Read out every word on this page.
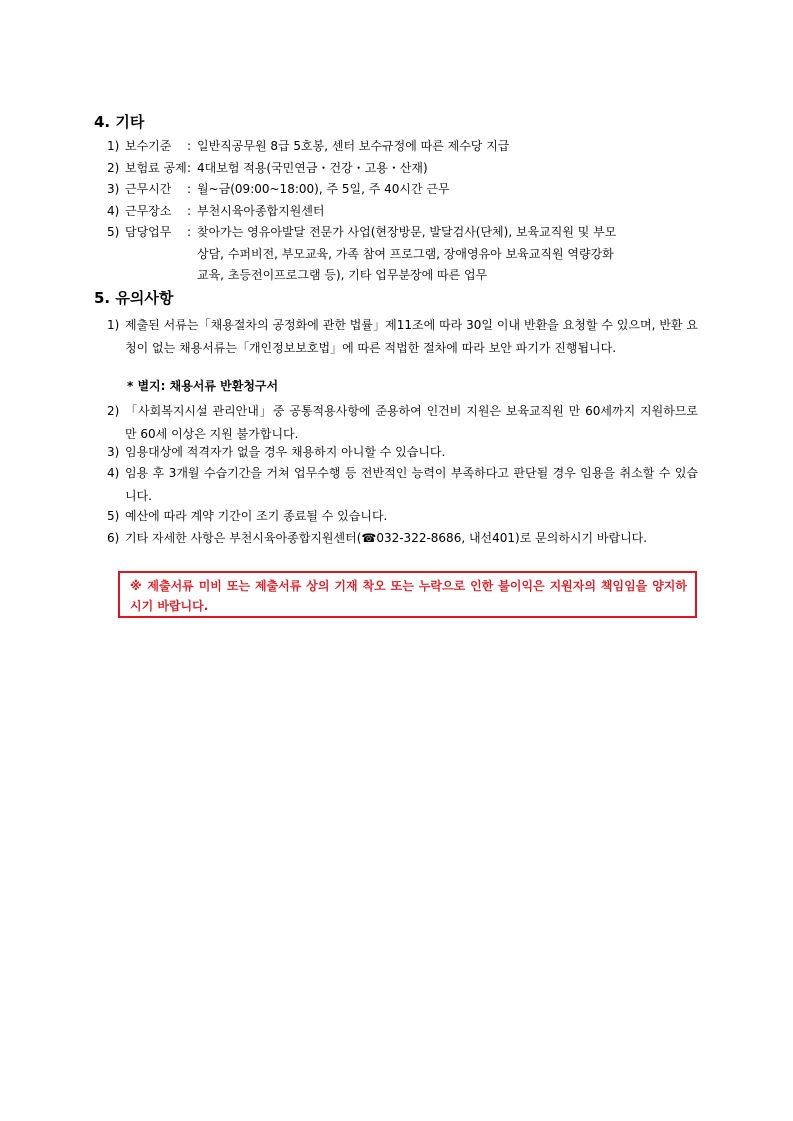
4. 기타
1) 보수기준 : 일반직공무원 8급 5호봉, 센터 보수규정에 따른 제수당 지급
2) 보험료 공제 : 4대보험 적용(국민연금・건강・고용・산재)
3) 근무시간 : 월~금(09:00~18:00), 주 5일, 주 40시간 근무
4) 근무장소 : 부천시육아종합지원센터
5) 담당업무 : 찾아가는 영유아발달 전문가 사업(현장방문, 발달검사(단체), 보육교직원 및 부모
상담, 수퍼비전, 부모교육, 가족 참여 프로그램, 장애영유아 보육교직원 역량강화
교육, 초등전이프로그램 등), 기타 업무분장에 따른 업무
5. 유의사항
1) 제출된 서류는「채용절차의 공정화에 관한 법률」제11조에 따라 30일 이내 반환을 요청할 수 있으며, 반환 요청이 없는 채용서류는「개인정보보호법」에 따른 적법한 절차에 따라 보안 파기가 진행됩니다.
* 별지: 채용서류 반환청구서
2) 「사회복지시설 관리안내」중 공통적용사항에 준용하여 인건비 지원은 보육교직원 만 60세까지 지원하므로 만 60세 이상은 지원 불가합니다.
3) 임용대상에 적격자가 없을 경우 채용하지 아니할 수 있습니다.
4) 임용 후 3개월 수습기간을 거쳐 업무수행 등 전반적인 능력이 부족하다고 판단될 경우 임용을 취소할 수 있습니다.
5) 예산에 따라 계약 기간이 조기 종료될 수 있습니다.
6) 기타 자세한 사항은 부천시육아종합지원센터(☎032-322-8686, 내선401)로 문의하시기 바랍니다.
※ 제출서류 미비 또는 제출서류 상의 기재 착오 또는 누락으로 인한 불이익은 지원자의 책임임을 양지하시기 바랍니다.
